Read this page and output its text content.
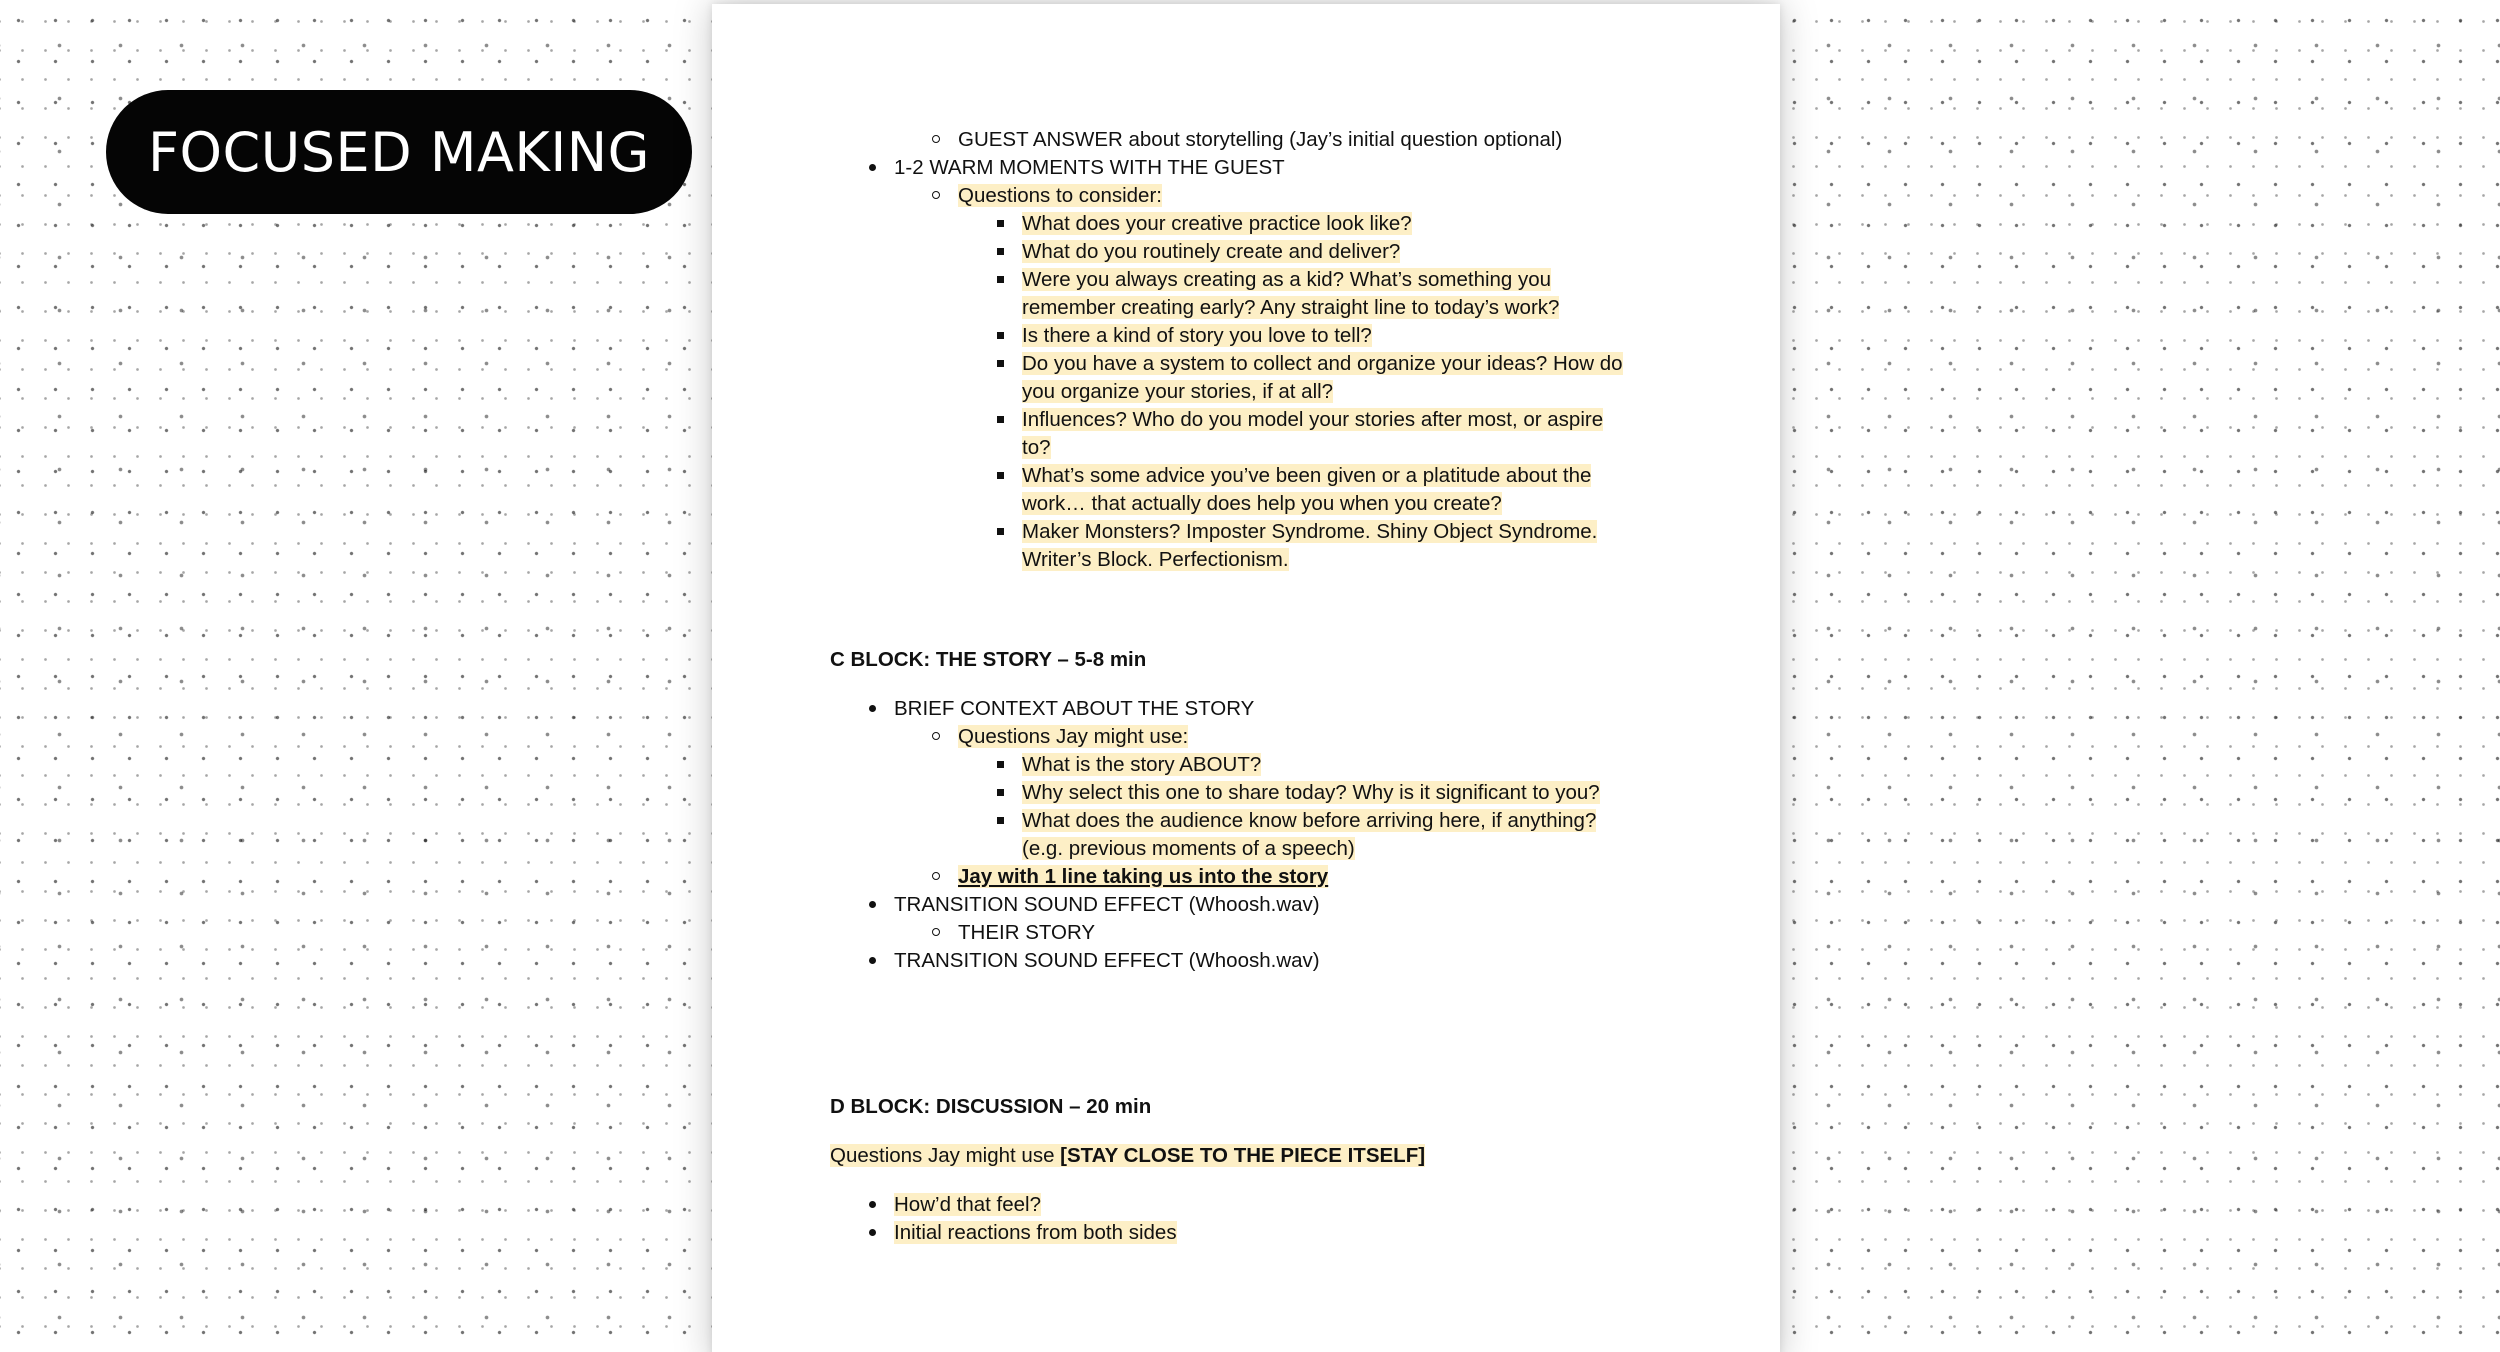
FOCUSED MAKING	GUEST ANSWER about storytelling (Jay’s initial question optional)
1-2 WARM MOMENTS WITH THE GUEST
Questions to consider:
What does your creative practice look like?
What do you routinely create and deliver?
Were you always creating as a kid? What’s something you remember creating early? Any straight line to today’s work?
Is there a kind of story you love to tell?
Do you have a system to collect and organize your ideas? How do you organize your stories, if at all?
Influences? Who do you model your stories after most, or aspire to?
What’s some advice you’ve been given or a platitude about the work… that actually does help you when you create?
Maker Monsters? Imposter Syndrome. Shiny Object Syndrome. Writer’s Block. Perfectionism.
C BLOCK: THE STORY – 5-8 min
BRIEF CONTEXT ABOUT THE STORY
Questions Jay might use:
What is the story ABOUT?
Why select this one to share today? Why is it significant to you?
What does the audience know before arriving here, if anything? (e.g. previous moments of a speech)
Jay with 1 line taking us into the story
TRANSITION SOUND EFFECT (Whoosh.wav)
THEIR STORY
TRANSITION SOUND EFFECT (Whoosh.wav)
D BLOCK: DISCUSSION – 20 min
Questions Jay might use [STAY CLOSE TO THE PIECE ITSELF]
How’d that feel?
Initial reactions from both sides
